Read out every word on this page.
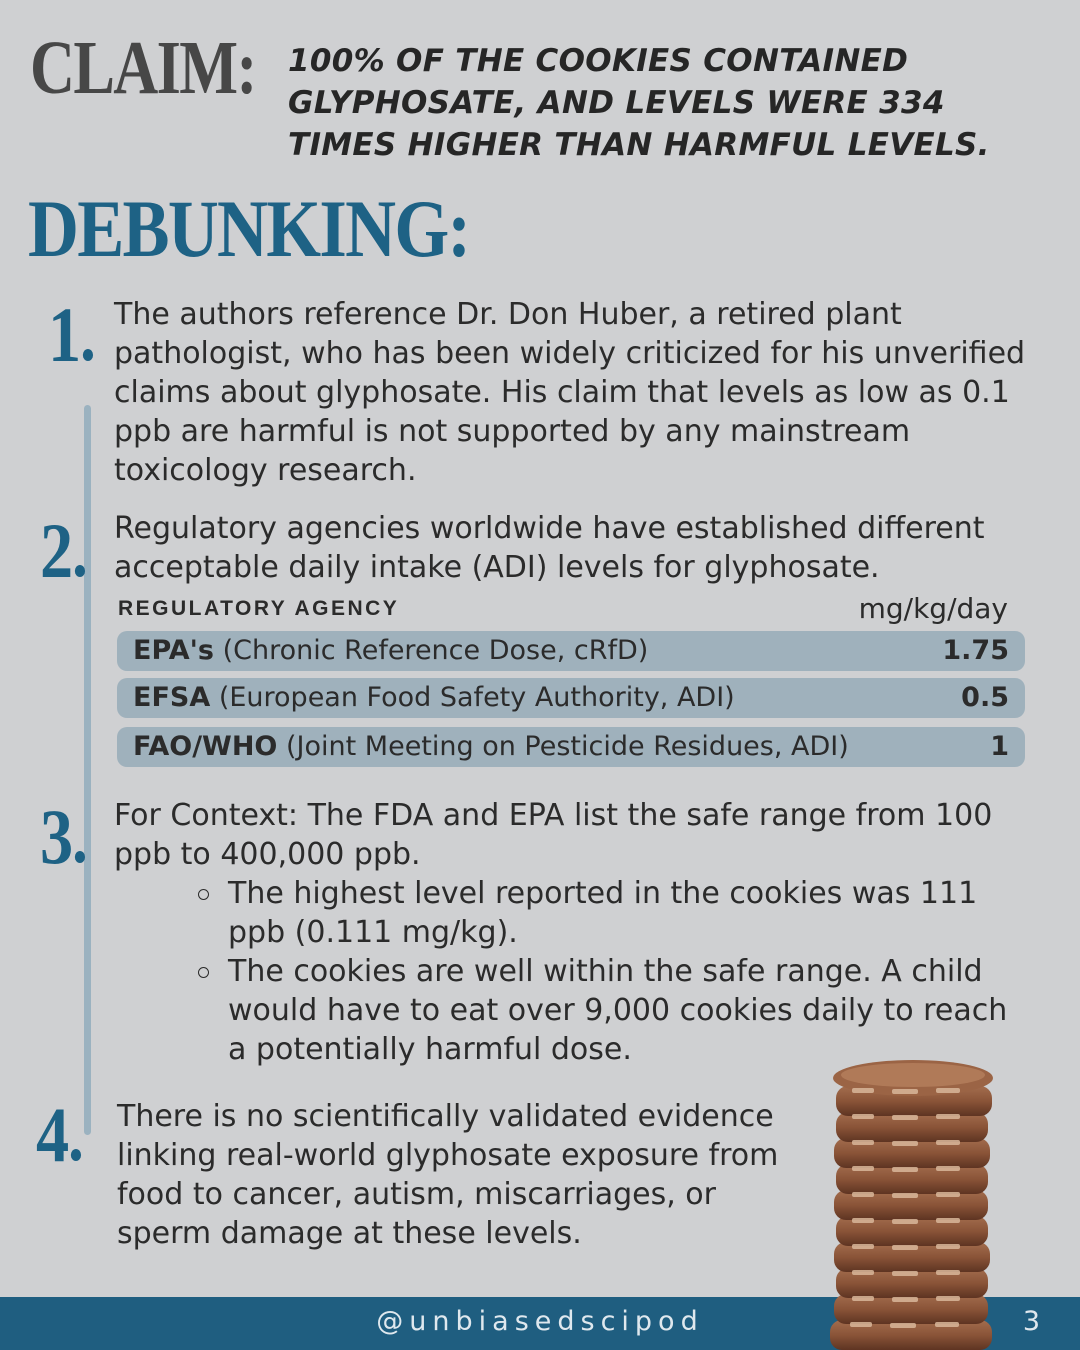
CLAIM: 100% OF THE COOKIES CONTAINED GLYPHOSATE, AND LEVELS WERE 334 TIMES HIGHER THAN HARMFUL LEVELS.
DEBUNKING:
1	The authors reference Dr. Don Huber, a retired plant pathologist, who has been widely criticized for his unverified claims about glyphosate. His claim that levels as low as 0.1 ppb are harmful is not supported by any mainstream toxicology research.
2	Regulatory agencies worldwide have established different acceptable daily intake (ADI) levels for glyphosate.
REGULATORY AGENCY	mg/kg/day
EPA's (Chronic Reference Dose, cRfD)	1.75
EFSA (European Food Safety Authority, ADI)	0.5
FAO/WHO (Joint Meeting on Pesticide Residues, ADI)	1
3	For Context: The FDA and EPA list the safe range from 100 ppb to 400,000 ppb.
The highest level reported in the cookies was 111 ppb (0.111 mg/kg).
The cookies are well within the safe range. A child would have to eat over 9,000 cookies daily to reach a potentially harmful dose.
4	There is no scientifically validated evidence linking real-world glyphosate exposure from food to cancer, autism, miscarriages, or sperm damage at these levels.
@unbiasedscipod	3
